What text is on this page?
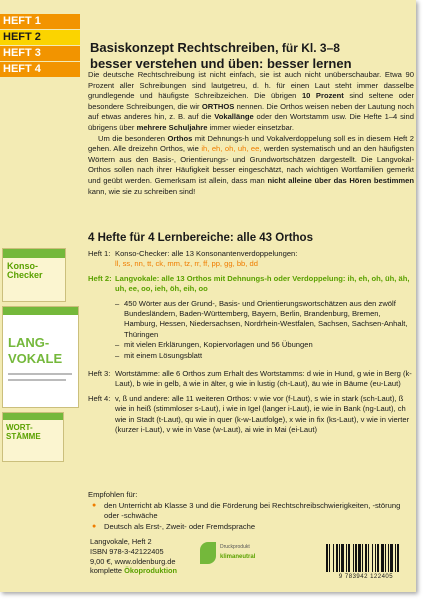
HEFT 1
HEFT 2
HEFT 3
HEFT 4
Basiskonzept Rechtschreiben, für Kl. 3–8
besser verstehen und üben: besser lernen

Die deutsche Rechtschreibung ist nicht einfach, sie ist auch nicht unüberschaubar. Etwa 90 Prozent aller Schreibungen sind lautgetreu, d. h. für einen Laut steht immer dasselbe grundlegende und häufigste Schreibzeichen. Die übrigen 10 Prozent sind seltene oder besondere Schreibungen, die wir ORTHOS nennen. Die Orthos weisen neben der Lautung noch auf etwas anderes hin, z. B. auf die Vokallänge oder den Wortstamm usw. Die Hefte 1–4 sind übrigens über mehrere Schuljahre immer wieder einsetzbar.

Um die besonderen Orthos mit Dehnungs-h und Vokalverdoppelung soll es in diesem Heft 2 gehen. Alle dreizehn Orthos, wie ih, eh, oh, uh, ee, werden systematisch und an den häufigsten Wörtern aus den Basis-, Orientierungs- und Grundwortschätzen dargestellt. Die Langvokal-Orthos sollen nach ihrer Häufigkeit besser eingeschätzt, nach wichtigen Wortfamilien gemerkt und geübt werden. Gemerksam ist allein, dass man nicht alleine über das Hören bestimmen kann, wie sie zu schreiben sind!

4 Hefte für 4 Lernbereiche: alle 43 Orthos
Konso-Checker
LANG-
VOKALE
WORT-
STÄMME
Heft 1: Konso-Checker: alle 13 Konsonantenverdoppelungen:
ll, ss, nn, tt, ck, mm, tz, rr, ff, pp, gg, bb, dd
Heft 2: Langvokale: alle 13 Orthos mit Dehnungs-h oder Verdoppelung: ih, eh, oh, üh, äh, uh, ee, oo, ieh, öh, eih, oo
– 450 Wörter aus der Grund-, Basis- und Orientierungswortschätzen aus den zwölf Bundesländern, Baden-Württemberg, Bayern, Berlin, Brandenburg, Bremen, Hamburg, Hessen, Niedersachsen, Nordrhein-Westfalen, Sachsen, Sachsen-Anhalt, Thüringen
– mit vielen Erklärungen, Kopiervorlagen und 56 Übungen
– mit einem Lösungsblatt
Heft 3: Wortstämme: alle 6 Orthos zum Erhalt des Wortstamms: d wie in Hund, g wie in Berg (k-Laut), b wie in gelb, ä wie in älter, g wie in lustig (ch-Laut), äu wie in Bäume (eu-Laut)
Heft 4: v, ß und andere: alle 11 weiteren Orthos: v wie vor (f-Laut), s wie in stark (sch-Laut), ß wie in heiß (stimmloser s-Laut), i wie in Igel (langer i-Laut), ie wie in Bank (ng-Laut), ch wie in Stadt (t-Laut), qu wie in quer (k-w-Lautfolge), x wie in fix (ks-Laut), v wie in vierter (kurzer i-Laut), v wie in Vase (w-Laut), ai wie in Mai (ei-Laut)
Empfohlen für:
● den Unterricht ab Klasse 3 und die Förderung bei Rechtschreibschwierigkeiten, -störung oder -schwäche
● Deutsch als Erst-, Zweit- oder Fremdsprache
Langvokale, Heft 2
ISBN 978-3-42122405
9,00 €, www.oldenburg.de
komplette Ökoproduktion
Druckprodukt
klimaneutral
9 783942 122405
